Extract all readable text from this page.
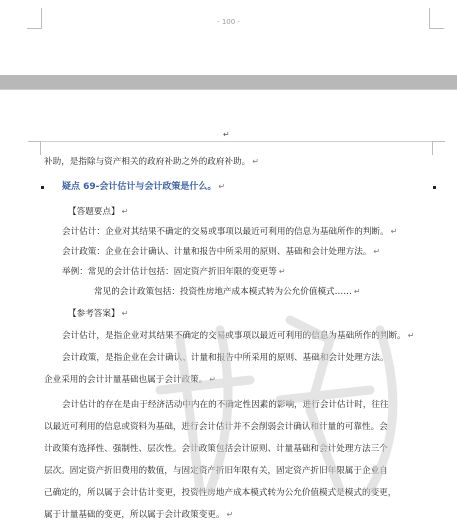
- 100 -
↵
补助，是指除与资产相关的政府补助之外的政府补助。 ↵
疑点 69-会计估计与会计政策是什么。 ↵
【答题要点】 ↵
会计估计：企业对其结果不确定的交易或事项以最近可利用的信息为基础所作的判断。 ↵
会计政策：企业在会计确认、计量和报告中所采用的原则、基础和会计处理方法。 ↵
举例：常见的会计估计包括：固定资产折旧年限的变更等 ↵
常见的会计政策包括：投资性房地产成本模式转为公允价值模式…… ↵
【参考答案】 ↵
会计估计，是指企业对其结果不确定的交易或事项以最近可利用的信息为基础所作的判断。 ↵
会计政策，是指企业在会计确认、计量和报告中所采用的原则、基础和会计处理方法。
企业采用的会计计量基础也属于会计政策。 ↵
会计估计的存在是由于经济活动中内在的不确定性因素的影响，进行会计估计时，往往
以最近可利用的信息或资料为基础，进行会计估计并不会削弱会计确认和计量的可靠性。会
计政策有选择性、强制性、层次性。会计政策包括会计原则、计量基础和会计处理方法三个
层次。固定资产折旧费用的数值，与固定资产折旧年限有关，固定资产折旧年限属于企业自
己确定的，所以属于会计估计变更，投资性房地产成本模式转为公允价值模式是模式的变更，
属于计量基础的变更，所以属于会计政策变更。 ↵
